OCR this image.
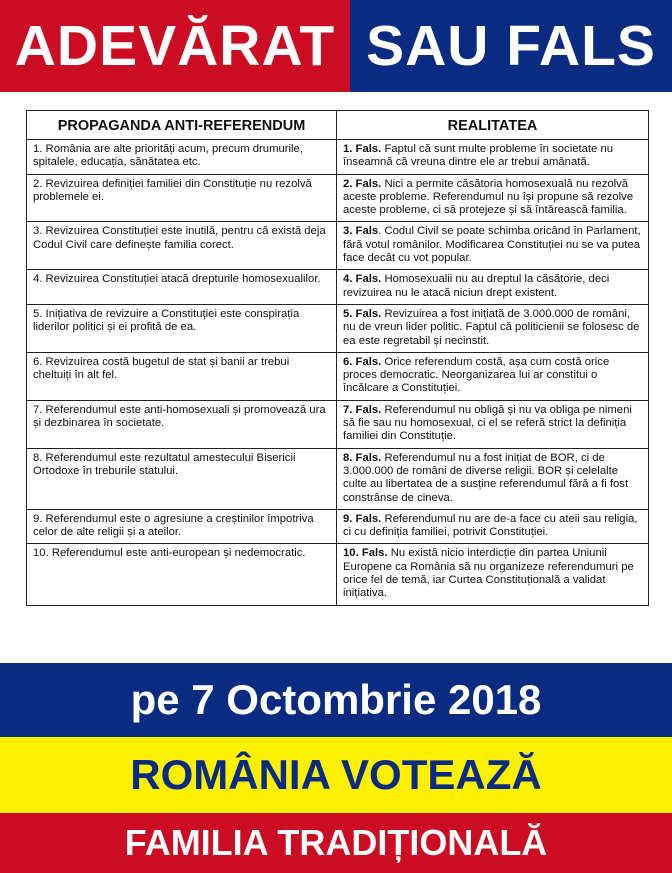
ADEVĂRAT SAU FALS
PROPAGANDA ANTI-REFERENDUM	REALITATEA
1. România are alte priorități acum, precum drumurile, spitalele, educația, sănătatea etc.	1. Fals. Faptul că sunt multe probleme în societate nu înseamnă că vreuna dintre ele ar trebui amânată.
2. Revizuirea definiției familiei din Constituție nu rezolvă problemele ei.	2. Fals. Nici a permite căsătoria homosexuală nu rezolvă aceste probleme. Referendumul nu își propune să rezolve aceste probleme, ci să protejeze și să întărească familia.
3. Revizuirea Constituției este inutilă, pentru că există deja Codul Civil care definește familia corect.	3. Fals. Codul Civil se poate schimba oricând în Parlament, fără votul românilor. Modificarea Constituției nu se va putea face decât cu vot popular.
4. Revizuirea Constituției atacă drepturile homosexualilor.	4. Fals. Homosexualii nu au dreptul la căsătorie, deci revizuirea nu le atacă niciun drept existent.
5. Inițiativa de revizuire a Constituției este conspirația liderilor politici și ei profită de ea.	5. Fals. Revizuirea a fost inițiată de 3.000.000 de români, nu de vreun lider politic. Faptul că politicienii se folosesc de ea este regretabil și necinstit.
6. Revizuirea costă bugetul de stat și banii ar trebui cheltuiți în alt fel.	6. Fals. Orice referendum costă, așa cum costă orice proces democratic. Neorganizarea lui ar constitui o încălcare a Constituției.
7. Referendumul este anti-homosexuali și promovează ura și dezbinarea în societate.	7. Fals. Referendumul nu obligă și nu va obliga pe nimeni să fie sau nu homosexual, ci el se referă strict la definiția familiei din Constituție.
8. Referendumul este rezultatul amestecului Bisericii Ortodoxe în treburile statului.	8. Fals. Referendumul nu a fost inițiat de BOR, ci de 3.000.000 de români de diverse religii. BOR și celelalte culte au libertatea de a susține referendumul fără a fi fost constrânse de cineva.
9. Referendumul este o agresiune a creștinilor împotriva celor de alte religii și a ateilor.	9. Fals. Referendumul nu are de-a face cu ateii sau religia, ci cu definiția familiei, potrivit Constituției.
10. Referendumul este anti-european și nedemocratic.	10. Fals. Nu există nicio interdicție din partea Uniunii Europene ca România să nu organizeze referendumuri pe orice fel de temă, iar Curtea Constituțională a validat inițiativa.
pe 7 Octombrie 2018
ROMÂNIA VOTEAZĂ
FAMILIA TRADIȚIONALĂ
